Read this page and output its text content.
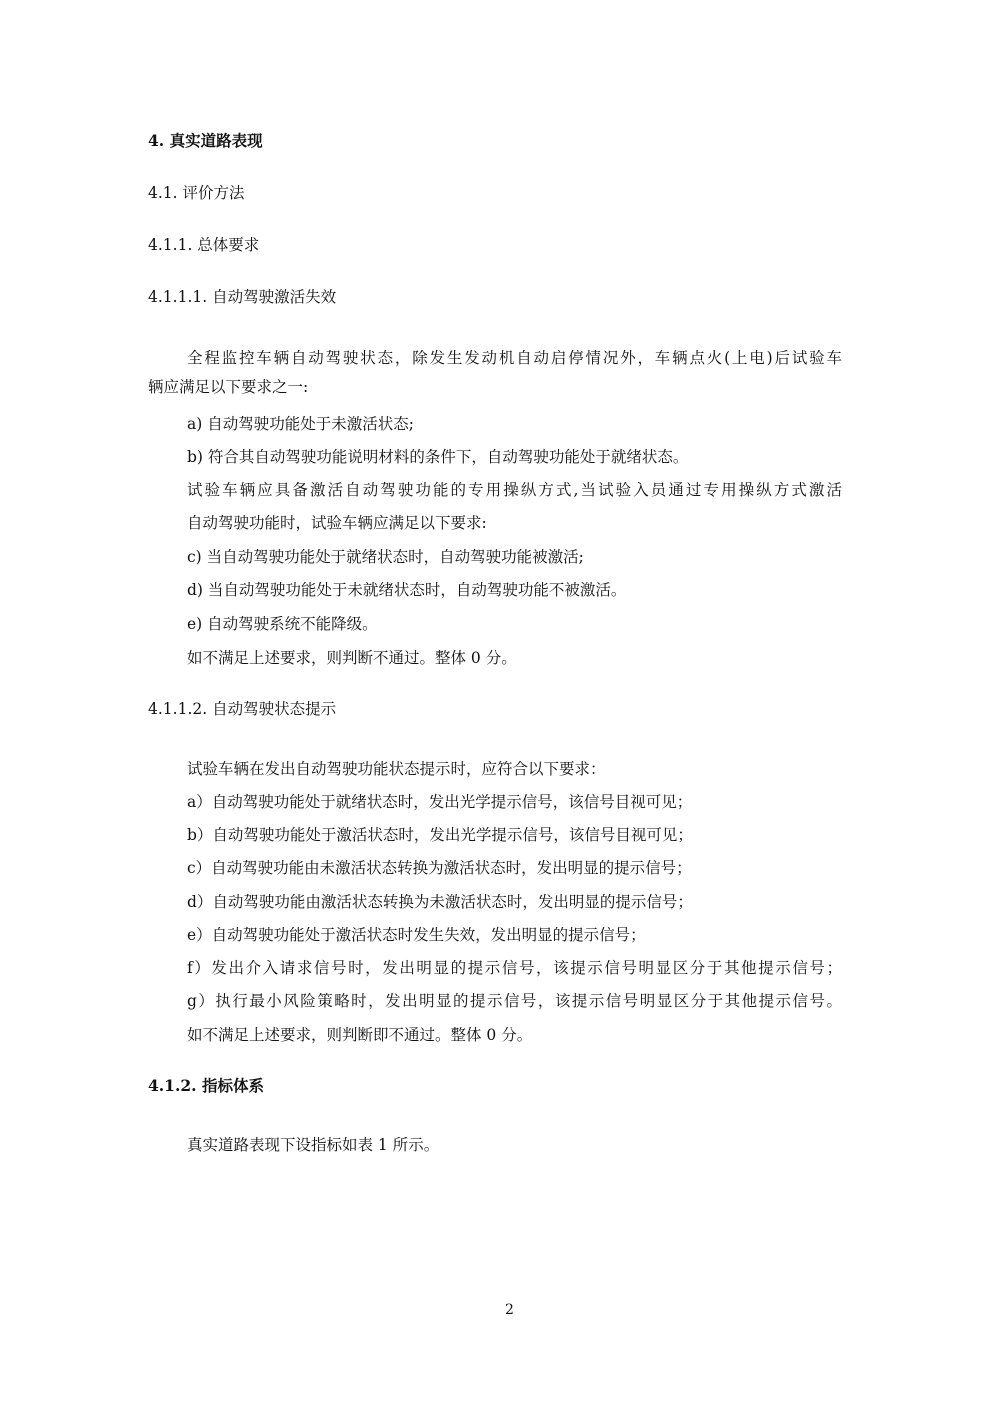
4. 真实道路表现
4.1. 评价方法
4.1.1. 总体要求
4.1.1.1. 自动驾驶激活失效
全程监控车辆自动驾驶状态，除发生发动机自动启停情况外，车辆点火(上电)后试验车
辆应满足以下要求之一:
a) 自动驾驶功能处于未激活状态;
b) 符合其自动驾驶功能说明材料的条件下，自动驾驶功能处于就绪状态。
试验车辆应具备激活自动驾驶功能的专用操纵方式,当试验入员通过专用操纵方式激活
自动驾驶功能时，试验车辆应满足以下要求:
c) 当自动驾驶功能处于就绪状态时，自动驾驶功能被激活;
d) 当自动驾驶功能处于未就绪状态时，自动驾驶功能不被激活。
e) 自动驾驶系统不能降级。
如不满足上述要求，则判断不通过。整体 0 分。
4.1.1.2. 自动驾驶状态提示
试验车辆在发出自动驾驶功能状态提示时，应符合以下要求：
a）自动驾驶功能处于就绪状态时，发出光学提示信号，该信号目视可见；
b）自动驾驶功能处于激活状态时，发出光学提示信号，该信号目视可见；
c）自动驾驶功能由未激活状态转换为激活状态时，发出明显的提示信号；
d）自动驾驶功能由激活状态转换为未激活状态时，发出明显的提示信号；
e）自动驾驶功能处于激活状态时发生失效，发出明显的提示信号；
f）发出介入请求信号时，发出明显的提示信号，该提示信号明显区分于其他提示信号；
g）执行最小风险策略时，发出明显的提示信号，该提示信号明显区分于其他提示信号。
如不满足上述要求，则判断即不通过。整体 0 分。
4.1.2. 指标体系
真实道路表现下设指标如表 1 所示。
2
